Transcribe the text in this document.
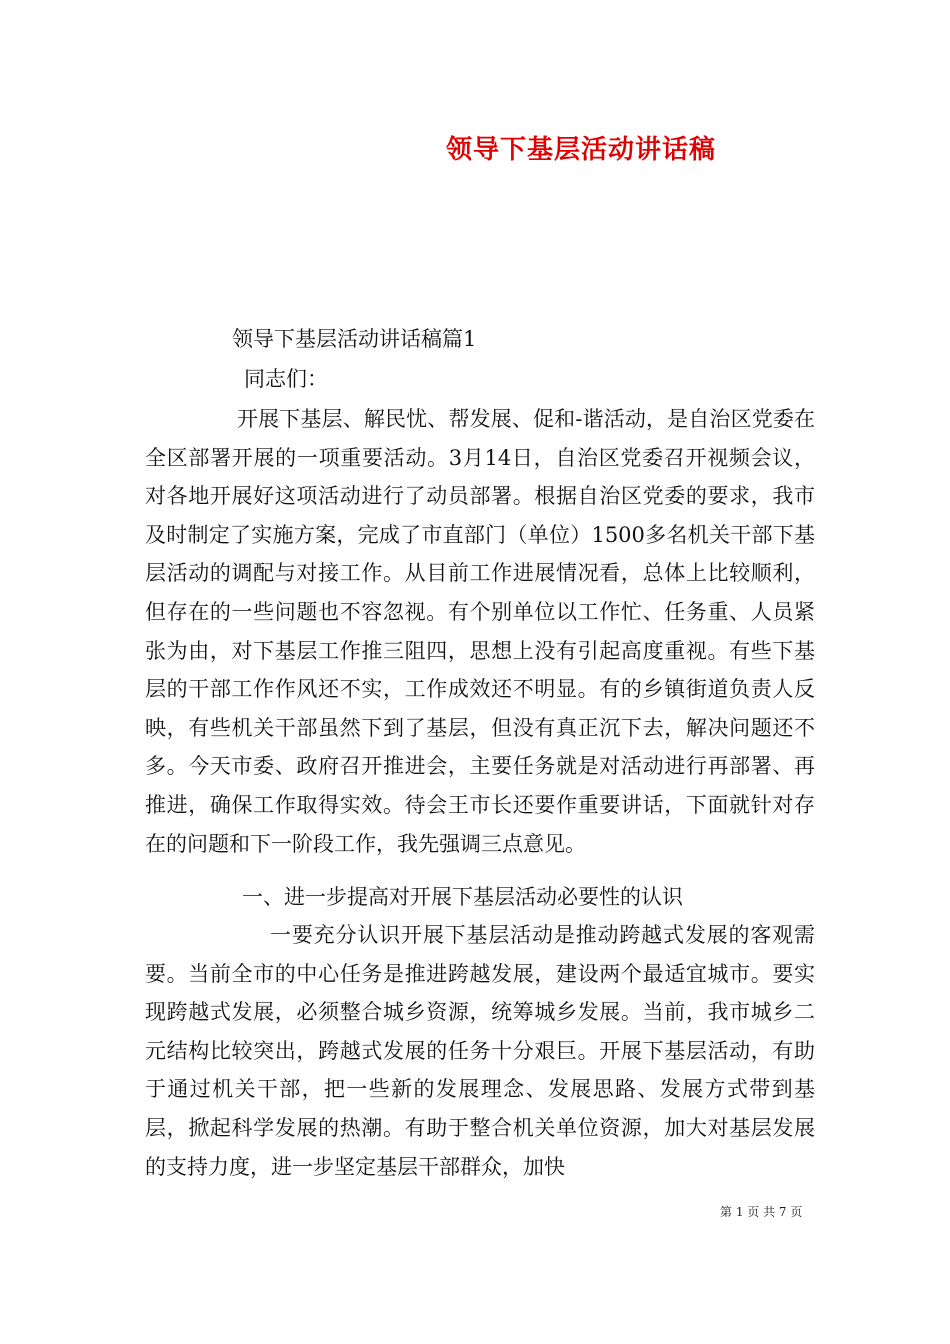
领导下基层活动讲话稿
领导下基层活动讲话稿篇1
同志们：
开展下基层、解民忧、帮发展、促和-谐活动，是自治区党委在全区部署开展的一项重要活动。3月14日，自治区党委召开视频会议，对各地开展好这项活动进行了动员部署。根据自治区党委的要求，我市及时制定了实施方案，完成了市直部门（单位）1500多名机关干部下基层活动的调配与对接工作。从目前工作进展情况看，总体上比较顺利，但存在的一些问题也不容忽视。有个别单位以工作忙、任务重、人员紧张为由，对下基层工作推三阻四，思想上没有引起高度重视。有些下基层的干部工作作风还不实，工作成效还不明显。有的乡镇街道负责人反映，有些机关干部虽然下到了基层，但没有真正沉下去，解决问题还不多。今天市委、政府召开推进会，主要任务就是对活动进行再部署、再推进，确保工作取得实效。待会王市长还要作重要讲话，下面就针对存在的问题和下一阶段工作，我先强调三点意见。
一、进一步提高对开展下基层活动必要性的认识
一要充分认识开展下基层活动是推动跨越式发展的客观需要。当前全市的中心任务是推进跨越发展，建设两个最适宜城市。要实现跨越式发展，必须整合城乡资源，统筹城乡发展。当前，我市城乡二元结构比较突出，跨越式发展的任务十分艰巨。开展下基层活动，有助于通过机关干部，把一些新的发展理念、发展思路、发展方式带到基层，掀起科学发展的热潮。有助于整合机关单位资源，加大对基层发展的支持力度，进一步坚定基层干部群众，加快
第 1 页 共 7 页
